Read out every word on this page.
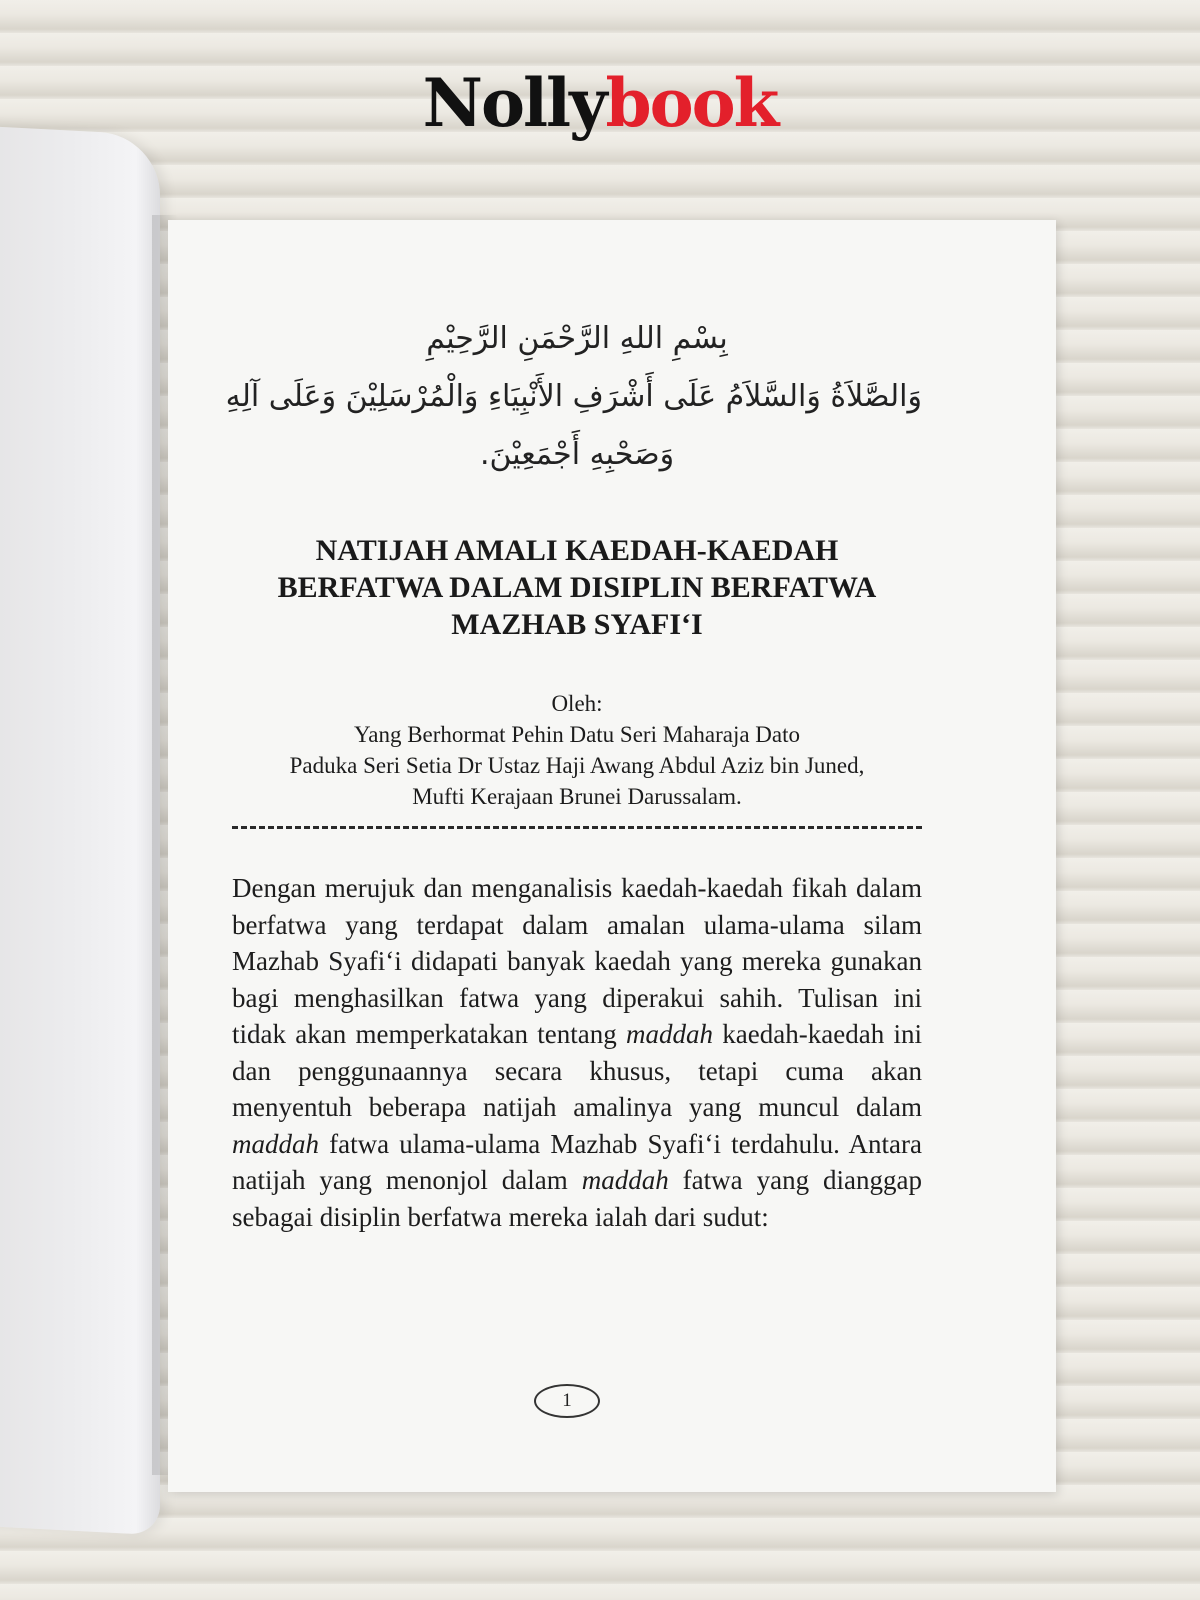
Nollybook
بِسْمِ اللهِ الرَّحْمَنِ الرَّحِيْمِ
وَالصَّلاَةُ وَالسَّلاَمُ عَلَى أَشْرَفِ الأَنْبِيَاءِ وَالْمُرْسَلِيْنَ وَعَلَى آلِهِ
وَصَحْبِهِ أَجْمَعِيْنَ.
NATIJAH AMALI KAEDAH-KAEDAH
BERFATWA DALAM DISIPLIN BERFATWA
MAZHAB SYAFI‘I
Oleh:
Yang Berhormat Pehin Datu Seri Maharaja Dato
Paduka Seri Setia Dr Ustaz Haji Awang Abdul Aziz bin Juned,
Mufti Kerajaan Brunei Darussalam.

Dengan merujuk dan menganalisis kaedah-kaedah fikah dalam berfatwa yang terdapat dalam amalan ulama-ulama silam Mazhab Syafi‘i didapati banyak kaedah yang mereka gunakan bagi menghasilkan fatwa yang diperakui sahih. Tulisan ini tidak akan memperkatakan tentang maddah kaedah-kaedah ini dan penggunaannya secara khusus, tetapi cuma akan menyentuh beberapa natijah amalinya yang muncul dalam maddah fatwa ulama-ulama Mazhab Syafi‘i terdahulu. Antara natijah yang menonjol dalam maddah fatwa yang dianggap sebagai disiplin berfatwa mereka ialah dari sudut:

1
